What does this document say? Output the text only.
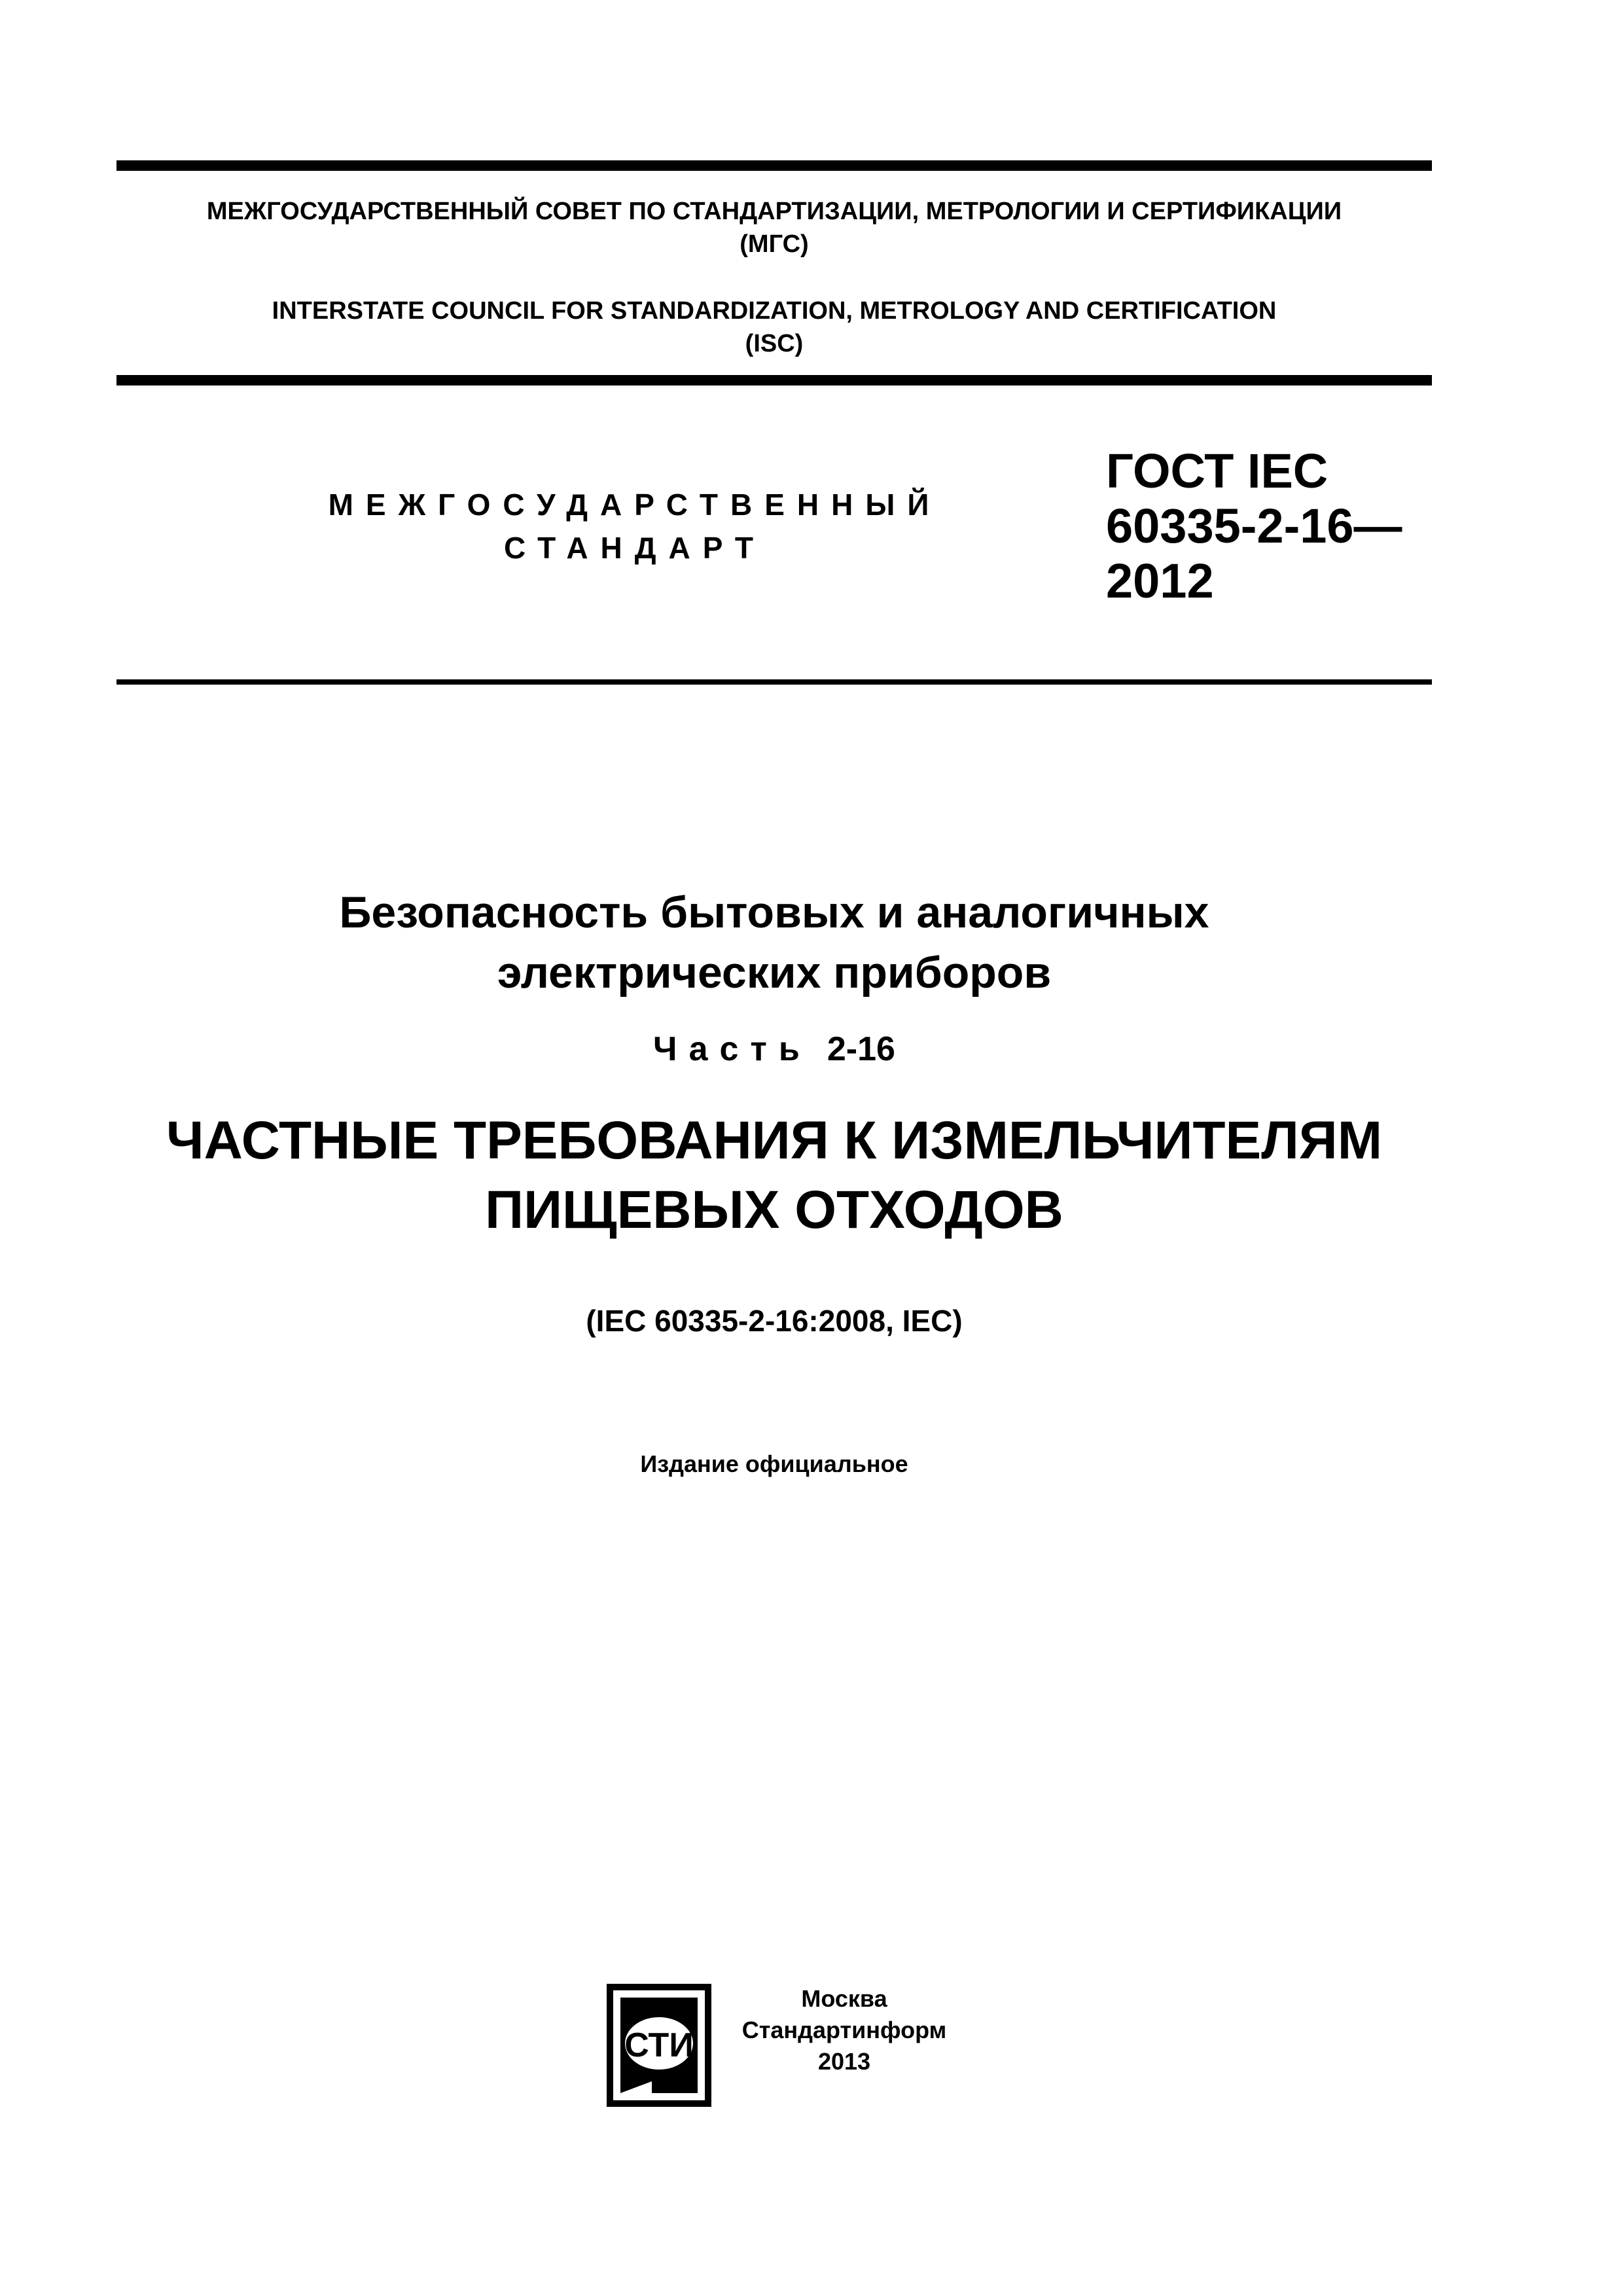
МЕЖГОСУДАРСТВЕННЫЙ СОВЕТ ПО СТАНДАРТИЗАЦИИ, МЕТРОЛОГИИ И СЕРТИФИКАЦИИ
(МГС)
INTERSTATE COUNCIL FOR STANDARDIZATION, METROLOGY AND CERTIFICATION
(ISC)
МЕЖГОСУДАРСТВЕННЫЙ
СТАНДАРТ
ГОСТ IEC
60335-2-16—
2012
Безопасность бытовых и аналогичных
электрических приборов
Часть 2-16
ЧАСТНЫЕ ТРЕБОВАНИЯ К ИЗМЕЛЬЧИТЕЛЯМ
ПИЩЕВЫХ ОТХОДОВ
(IEC 60335-2-16:2008, IEC)
Издание официальное
СТИ
Москва
Стандартинформ
2013
